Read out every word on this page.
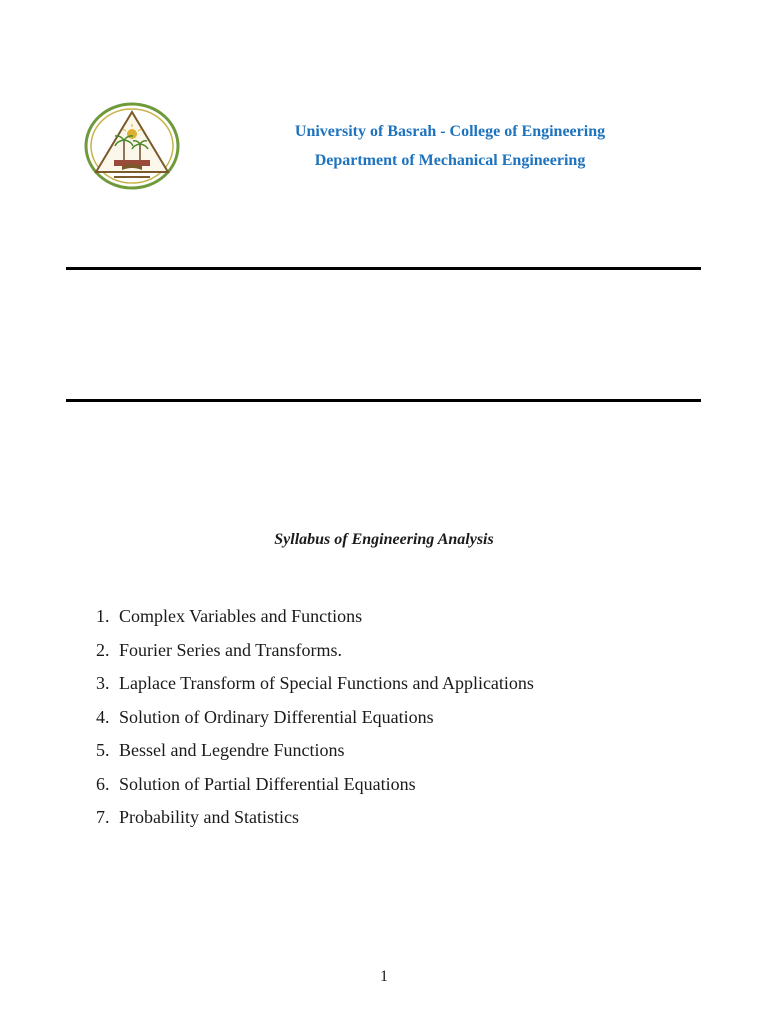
University of Basrah - College of Engineering
Department of Mechanical Engineering
Syllabus of Engineering Analysis
1. Complex Variables and Functions
2. Fourier Series and Transforms.
3. Laplace Transform of Special Functions and Applications
4. Solution of Ordinary Differential Equations
5. Bessel and Legendre Functions
6. Solution of Partial Differential Equations
7. Probability and Statistics
1
